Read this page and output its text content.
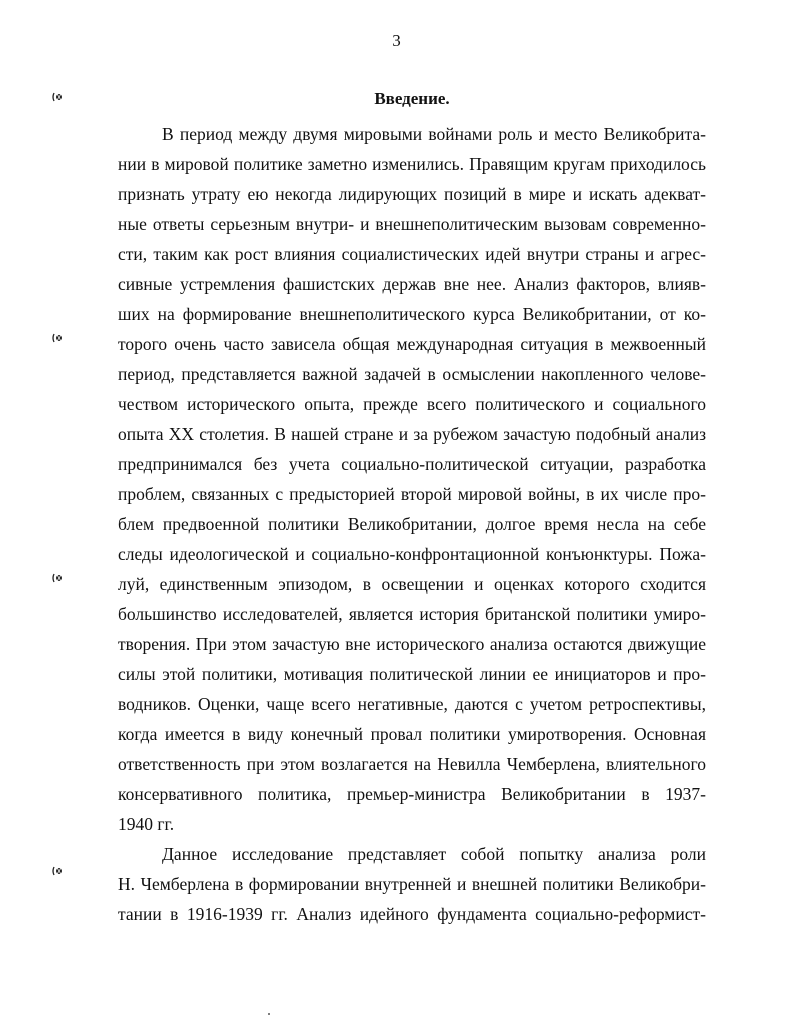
3
Введение.
В период между двумя мировыми войнами роль и место Великобрита-
нии в мировой политике заметно изменились. Правящим кругам приходилось
признать утрату ею некогда лидирующих позиций в мире и искать адекват-
ные ответы серьезным внутри- и внешнеполитическим вызовам современно-
сти, таким как рост влияния социалистических идей внутри страны и агрес-
сивные устремления фашистских держав вне нее. Анализ факторов, влияв-
ших на формирование внешнеполитического курса Великобритании, от ко-
торого очень часто зависела общая международная ситуация в межвоенный
период, представляется важной задачей в осмыслении накопленного челове-
чеством исторического опыта, прежде всего политического и социального
опыта XX столетия. В нашей стране и за рубежом зачастую подобный анализ
предпринимался без учета социально-политической ситуации, разработка
проблем, связанных с предысторией второй мировой войны, в их числе про-
блем предвоенной политики Великобритании, долгое время несла на себе
следы идеологической и социально-конфронтационной конъюнктуры. Пожа-
луй, единственным эпизодом, в освещении и оценках которого сходится
большинство исследователей, является история британской политики умиро-
творения. При этом зачастую вне исторического анализа остаются движущие
силы этой политики, мотивация политической линии ее инициаторов и про-
водников. Оценки, чаще всего негативные, даются с учетом ретроспективы,
когда имеется в виду конечный провал политики умиротворения. Основная
ответственность при этом возлагается на Невилла Чемберлена, влиятельного
консервативного политика, премьер-министра Великобритании в 1937-
1940 гг.
Данное исследование представляет собой попытку анализа роли
Н. Чемберлена в формировании внутренней и внешней политики Великобри-
тании в 1916-1939 гг. Анализ идейного фундамента социально-реформист-
